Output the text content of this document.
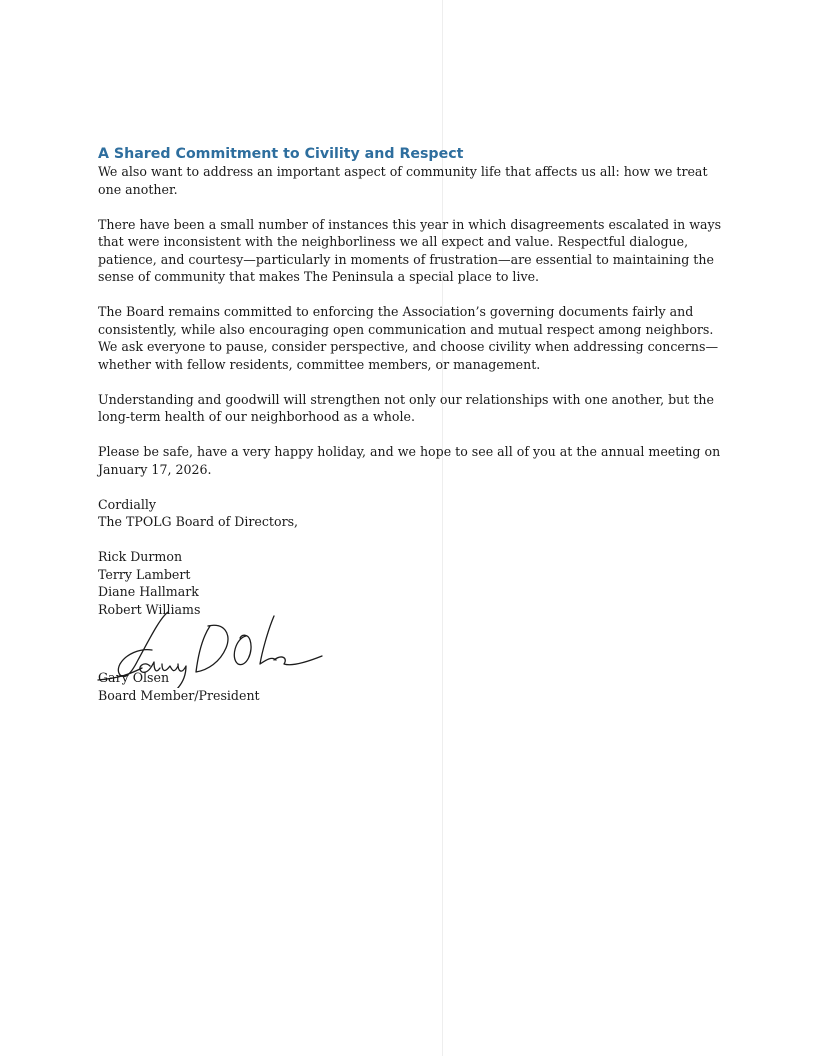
A Shared Commitment to Civility and Respect

We also want to address an important aspect of community life that affects us all: how we treat one another.

There have been a small number of instances this year in which disagreements escalated in ways that were inconsistent with the neighborliness we all expect and value. Respectful dialogue, patience, and courtesy—particularly in moments of frustration—are essential to maintaining the sense of community that makes The Peninsula a special place to live.

The Board remains committed to enforcing the Association’s governing documents fairly and consistently, while also encouraging open communication and mutual respect among neighbors. We ask everyone to pause, consider perspective, and choose civility when addressing concerns—whether with fellow residents, committee members, or management.

Understanding and goodwill will strengthen not only our relationships with one another, but the long-term health of our neighborhood as a whole.

Please be safe, have a very happy holiday, and we hope to see all of you at the annual meeting on January 17, 2026.

Cordially
The TPOLG Board of Directors,
Rick Durmon
Terry Lambert
Diane Hallmark
Robert Williams
Gary Olsen
Board Member/President
